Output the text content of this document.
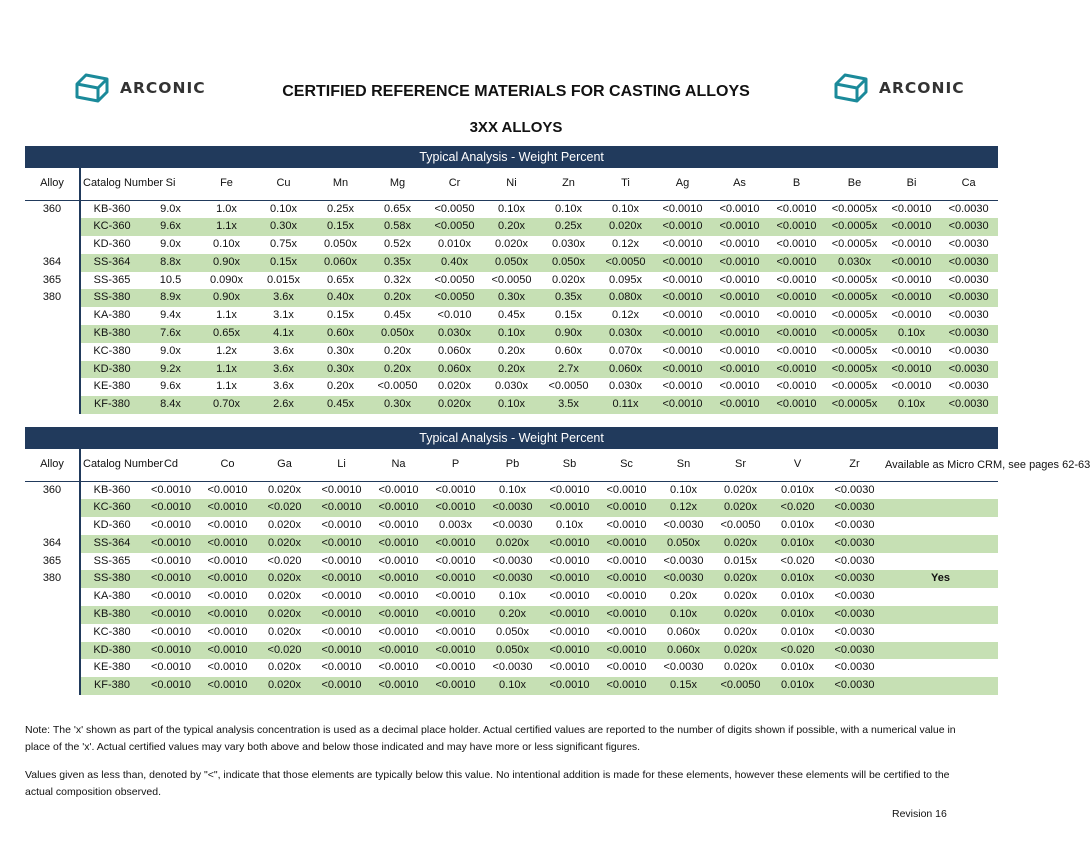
ARCONIC	ARCONIC
CERTIFIED REFERENCE MATERIALS FOR CASTING ALLOYS
3XX ALLOYS
Typical Analysis - Weight Percent																
Alloy	Catalog Number	Si	Fe	Cu	Mn	Mg	Cr	Ni	Zn	Ti	Ag	As	B	Be	Bi	Ca
360	KB-360	9.0x	1.0x	0.10x	0.25x	0.65x	<0.0050	0.10x	0.10x	0.10x	<0.0010	<0.0010	<0.0010	<0.0005x	<0.0010	<0.0030
	KC-360	9.6x	1.1x	0.30x	0.15x	0.58x	<0.0050	0.20x	0.25x	0.020x	<0.0010	<0.0010	<0.0010	<0.0005x	<0.0010	<0.0030
	KD-360	9.0x	0.10x	0.75x	0.050x	0.52x	0.010x	0.020x	0.030x	0.12x	<0.0010	<0.0010	<0.0010	<0.0005x	<0.0010	<0.0030
364	SS-364	8.8x	0.90x	0.15x	0.060x	0.35x	0.40x	0.050x	0.050x	<0.0050	<0.0010	<0.0010	<0.0010	0.030x	<0.0010	<0.0030
365	SS-365	10.5	0.090x	0.015x	0.65x	0.32x	<0.0050	<0.0050	0.020x	0.095x	<0.0010	<0.0010	<0.0010	<0.0005x	<0.0010	<0.0030
380	SS-380	8.9x	0.90x	3.6x	0.40x	0.20x	<0.0050	0.30x	0.35x	0.080x	<0.0010	<0.0010	<0.0010	<0.0005x	<0.0010	<0.0030
	KA-380	9.4x	1.1x	3.1x	0.15x	0.45x	<0.010	0.45x	0.15x	0.12x	<0.0010	<0.0010	<0.0010	<0.0005x	<0.0010	<0.0030
	KB-380	7.6x	0.65x	4.1x	0.60x	0.050x	0.030x	0.10x	0.90x	0.030x	<0.0010	<0.0010	<0.0010	<0.0005x	0.10x	<0.0030
	KC-380	9.0x	1.2x	3.6x	0.30x	0.20x	0.060x	0.20x	0.60x	0.070x	<0.0010	<0.0010	<0.0010	<0.0005x	<0.0010	<0.0030
	KD-380	9.2x	1.1x	3.6x	0.30x	0.20x	0.060x	0.20x	2.7x	0.060x	<0.0010	<0.0010	<0.0010	<0.0005x	<0.0010	<0.0030
	KE-380	9.6x	1.1x	3.6x	0.20x	<0.0050	0.020x	0.030x	<0.0050	0.030x	<0.0010	<0.0010	<0.0010	<0.0005x	<0.0010	<0.0030
	KF-380	8.4x	0.70x	2.6x	0.45x	0.30x	0.020x	0.10x	3.5x	0.11x	<0.0010	<0.0010	<0.0010	<0.0005x	0.10x	<0.0030
Typical Analysis - Weight Percent															
Alloy	Catalog Number	Cd	Co	Ga	Li	Na	P	Pb	Sb	Sc	Sn	Sr	V	Zr	Available as Micro CRM, see pages 62-63
360	KB-360	<0.0010	<0.0010	0.020x	<0.0010	<0.0010	<0.0010	0.10x	<0.0010	<0.0010	0.10x	0.020x	0.010x	<0.0030	
	KC-360	<0.0010	<0.0010	<0.020	<0.0010	<0.0010	<0.0010	<0.0030	<0.0010	<0.0010	0.12x	0.020x	<0.020	<0.0030	
	KD-360	<0.0010	<0.0010	0.020x	<0.0010	<0.0010	0.003x	<0.0030	0.10x	<0.0010	<0.0030	<0.0050	0.010x	<0.0030	
364	SS-364	<0.0010	<0.0010	0.020x	<0.0010	<0.0010	<0.0010	0.020x	<0.0010	<0.0010	0.050x	0.020x	0.010x	<0.0030	
365	SS-365	<0.0010	<0.0010	<0.020	<0.0010	<0.0010	<0.0010	<0.0030	<0.0010	<0.0010	<0.0030	0.015x	<0.020	<0.0030	
380	SS-380	<0.0010	<0.0010	0.020x	<0.0010	<0.0010	<0.0010	<0.0030	<0.0010	<0.0010	<0.0030	0.020x	0.010x	<0.0030	Yes
	KA-380	<0.0010	<0.0010	0.020x	<0.0010	<0.0010	<0.0010	0.10x	<0.0010	<0.0010	0.20x	0.020x	0.010x	<0.0030	
	KB-380	<0.0010	<0.0010	0.020x	<0.0010	<0.0010	<0.0010	0.20x	<0.0010	<0.0010	0.10x	0.020x	0.010x	<0.0030	
	KC-380	<0.0010	<0.0010	0.020x	<0.0010	<0.0010	<0.0010	0.050x	<0.0010	<0.0010	0.060x	0.020x	0.010x	<0.0030	
	KD-380	<0.0010	<0.0010	<0.020	<0.0010	<0.0010	<0.0010	0.050x	<0.0010	<0.0010	0.060x	0.020x	<0.020	<0.0030	
	KE-380	<0.0010	<0.0010	0.020x	<0.0010	<0.0010	<0.0010	<0.0030	<0.0010	<0.0010	<0.0030	0.020x	0.010x	<0.0030	
	KF-380	<0.0010	<0.0010	0.020x	<0.0010	<0.0010	<0.0010	0.10x	<0.0010	<0.0010	0.15x	<0.0050	0.010x	<0.0030	
Note: The 'x' shown as part of the typical analysis concentration is used as a decimal place holder. Actual certified values are reported to the number of digits shown if possible, with a numerical value in place of the 'x'. Actual certified values may vary both above and below those indicated and may have more or less significant figures.
Values given as less than, denoted by "<", indicate that those elements are typically below this value. No intentional addition is made for these elements, however these elements will be certified to the actual composition observed.
Revision 16
